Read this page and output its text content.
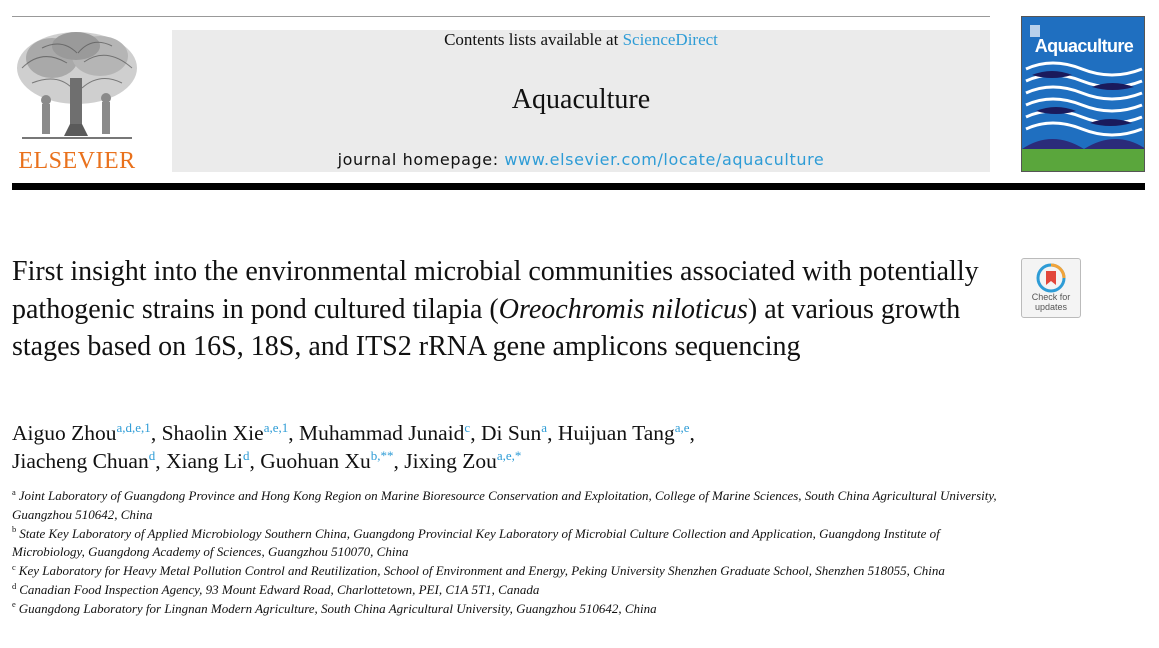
ELSEVIER
Contents lists available at ScienceDirect
Aquaculture
journal homepage: www.elsevier.com/locate/aquaculture
Aquaculture
First insight into the environmental microbial communities associated with potentially pathogenic strains in pond cultured tilapia (Oreochromis niloticus) at various growth stages based on 16S, 18S, and ITS2 rRNA gene amplicons sequencing
Check for updates
Aiguo Zhou$^{a,d,e,1}$, Shaolin Xie$^{a,e,1}$, Muhammad Junaid$^c$, Di Sun$^a$, Huijuan Tang$^{a,e}$,
Jiacheng Chuan$^d$, Xiang Li$^d$, Guohuan Xu$^{b,**}$, Jixing Zou$^{a,e,*}$
$^a$ Joint Laboratory of Guangdong Province and Hong Kong Region on Marine Bioresource Conservation and Exploitation, College of Marine Sciences, South China Agricultural University, Guangzhou 510642, China
$^b$ State Key Laboratory of Applied Microbiology Southern China, Guangdong Provincial Key Laboratory of Microbial Culture Collection and Application, Guangdong Institute of Microbiology, Guangdong Academy of Sciences, Guangzhou 510070, China
$^c$ Key Laboratory for Heavy Metal Pollution Control and Reutilization, School of Environment and Energy, Peking University Shenzhen Graduate School, Shenzhen 518055, China
$^d$ Canadian Food Inspection Agency, 93 Mount Edward Road, Charlottetown, PEI, C1A 5T1, Canada
$^e$ Guangdong Laboratory for Lingnan Modern Agriculture, South China Agricultural University, Guangzhou 510642, China
